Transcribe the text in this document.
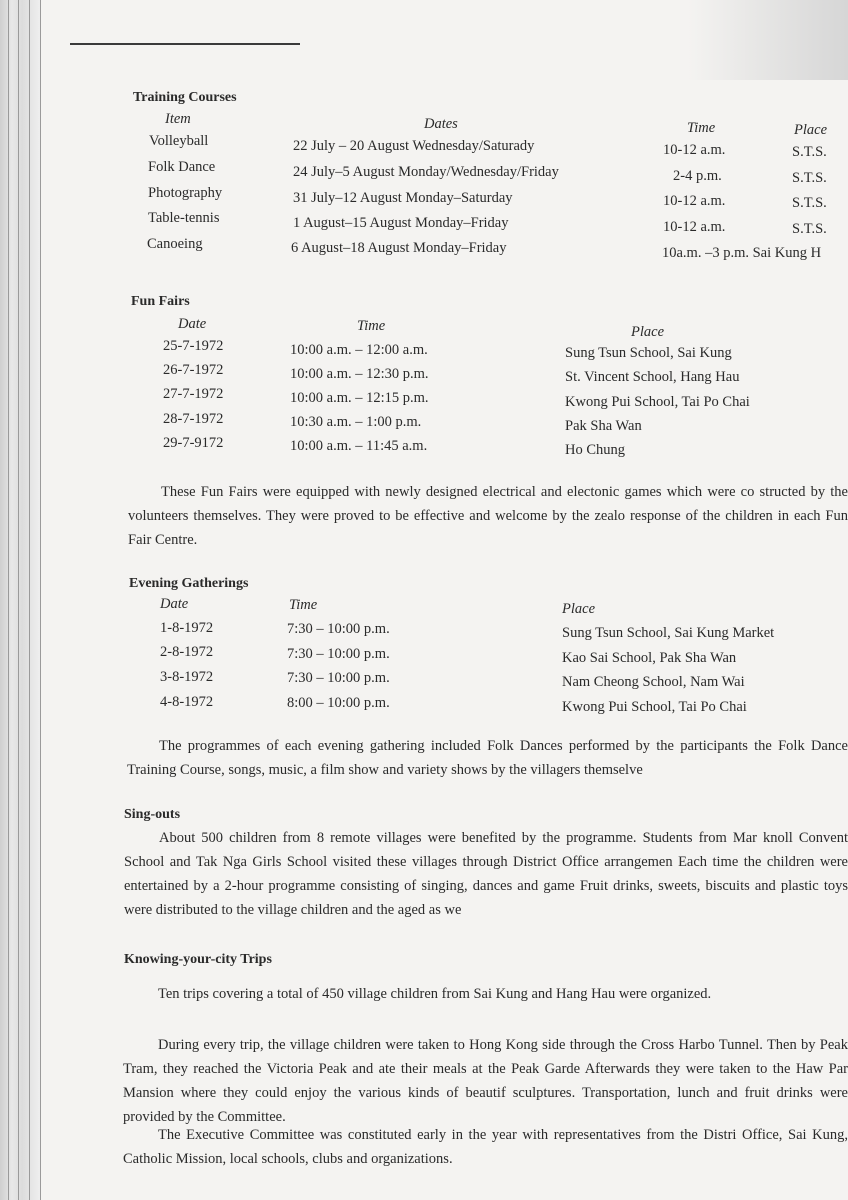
Training Courses
Item	Dates	Time	Place
Volleyball	22 July – 20 August Wednesday/Saturady	10-12 a.m.	S.T.S.
Folk Dance	24 July–5 August Monday/Wednesday/Friday	2-4 p.m.	S.T.S.
Photography	31 July–12 August Monday–Saturday	10-12 a.m.	S.T.S.
Table-tennis	1 August–15 August Monday–Friday	10-12 a.m.	S.T.S.
Canoeing	6 August–18 August Monday–Friday	10a.m. –3 p.m. Sai Kung H
Fun Fairs
Date	Time	Place
25-7-1972	10:00 a.m. – 12:00 a.m.	Sung Tsun School, Sai Kung
26-7-1972	10:00 a.m. – 12:30 p.m.	St. Vincent School, Hang Hau
27-7-1972	10:00 a.m. – 12:15 p.m.	Kwong Pui School, Tai Po Chai
28-7-1972	10:30 a.m. – 1:00 p.m.	Pak Sha Wan
29-7-9172	10:00 a.m. – 11:45 a.m.	Ho Chung
These Fun Fairs were equipped with newly designed electrical and electonic games which were co structed by the volunteers themselves. They were proved to be effective and welcome by the zealo response of the children in each Fun Fair Centre.
Evening Gatherings
Date	Time	Place
1-8-1972	7:30 – 10:00 p.m.	Sung Tsun School, Sai Kung Market
2-8-1972	7:30 – 10:00 p.m.	Kao Sai School, Pak Sha Wan
3-8-1972	7:30 – 10:00 p.m.	Nam Cheong School, Nam Wai
4-8-1972	8:00 – 10:00 p.m.	Kwong Pui School, Tai Po Chai
The programmes of each evening gathering included Folk Dances performed by the participants the Folk Dance Training Course, songs, music, a film show and variety shows by the villagers themselve
Sing-outs
About 500 children from 8 remote villages were benefited by the programme. Students from Mar knoll Convent School and Tak Nga Girls School visited these villages through District Office arrangemen Each time the children were entertained by a 2-hour programme consisting of singing, dances and game Fruit drinks, sweets, biscuits and plastic toys were distributed to the village children and the aged as we
Knowing-your-city Trips
Ten trips covering a total of 450 village children from Sai Kung and Hang Hau were organized.
During every trip, the village children were taken to Hong Kong side through the Cross Harbo Tunnel. Then by Peak Tram, they reached the Victoria Peak and ate their meals at the Peak Garde Afterwards they were taken to the Haw Par Mansion where they could enjoy the various kinds of beautif sculptures. Transportation, lunch and fruit drinks were provided by the Committee.
The Executive Committee was constituted early in the year with representatives from the Distri Office, Sai Kung, Catholic Mission, local schools, clubs and organizations.
